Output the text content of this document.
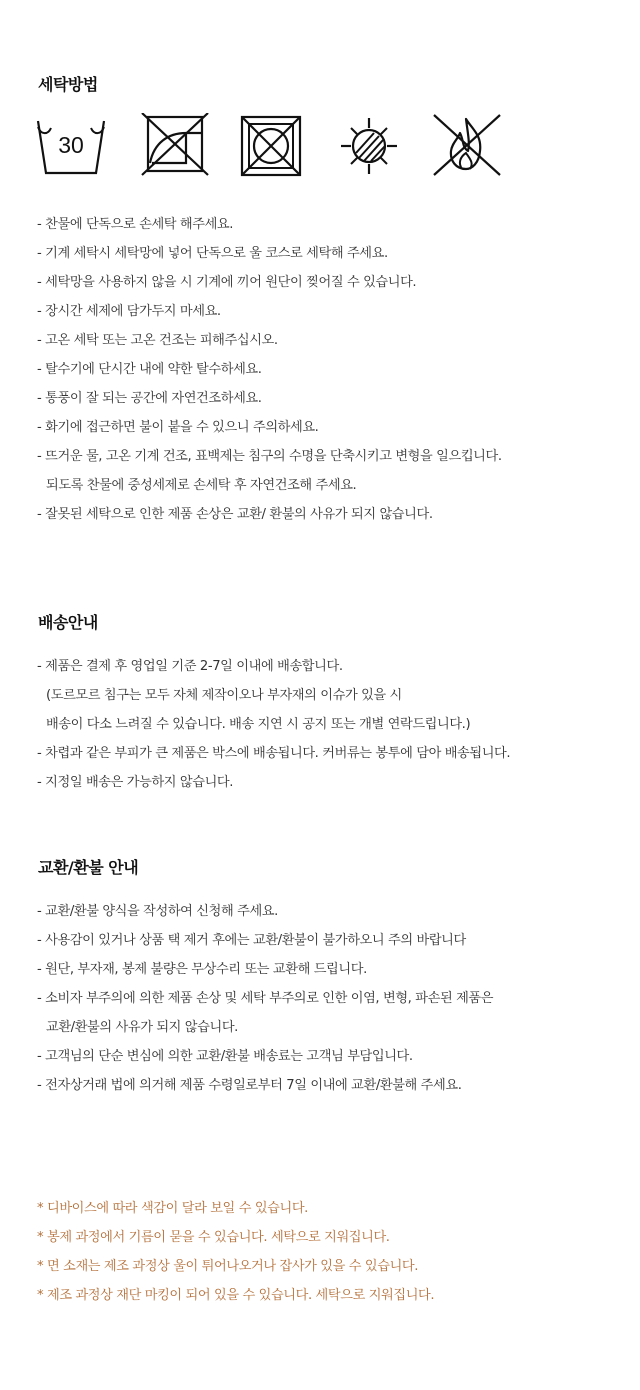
세탁방법
30
- 찬물에 단독으로 손세탁 해주세요.
- 기계 세탁시 세탁망에 넣어 단독으로 울 코스로 세탁해 주세요.
- 세탁망을 사용하지 않을 시 기계에 끼어 원단이 찢어질 수 있습니다.
- 장시간 세제에 담가두지 마세요.
- 고온 세탁 또는 고온 건조는 피해주십시오.
- 탈수기에 단시간 내에 약한 탈수하세요.
- 통풍이 잘 되는 공간에 자연건조하세요.
- 화기에 접근하면 불이 붙을 수 있으니 주의하세요.
- 뜨거운 물, 고온 기계 건조, 표백제는 침구의 수명을 단축시키고 변형을 일으킵니다.
되도록 찬물에 중성세제로 손세탁 후 자연건조해 주세요.
- 잘못된 세탁으로 인한 제품 손상은 교환/ 환불의 사유가 되지 않습니다.
배송안내
- 제품은 결제 후 영업일 기준 2-7일 이내에 배송합니다.
(도르모르 침구는 모두 자체 제작이오나 부자재의 이슈가 있을 시
배송이 다소 느려질 수 있습니다. 배송 지연 시 공지 또는 개별 연락드립니다.)
- 차렵과 같은 부피가 큰 제품은 박스에 배송됩니다. 커버류는 봉투에 담아 배송됩니다.
- 지정일 배송은 가능하지 않습니다.
교환/환불 안내
- 교환/환불 양식을 작성하여 신청해 주세요.
- 사용감이 있거나 상품 택 제거 후에는 교환/환불이 불가하오니 주의 바랍니다
- 원단, 부자재, 봉제 불량은 무상수리 또는 교환해 드립니다.
- 소비자 부주의에 의한 제품 손상 및 세탁 부주의로 인한 이염, 변형, 파손된 제품은
교환/환불의 사유가 되지 않습니다.
- 고객님의 단순 변심에 의한 교환/환불 배송료는 고객님 부담입니다.
- 전자상거래 법에 의거해 제품 수령일로부터 7일 이내에 교환/환불해 주세요.
* 디바이스에 따라 색감이 달라 보일 수 있습니다.
* 봉제 과정에서 기름이 묻을 수 있습니다. 세탁으로 지워집니다.
* 면 소재는 제조 과정상 울이 튀어나오거나 잡사가 있을 수 있습니다.
* 제조 과정상 재단 마킹이 되어 있을 수 있습니다. 세탁으로 지워집니다.
